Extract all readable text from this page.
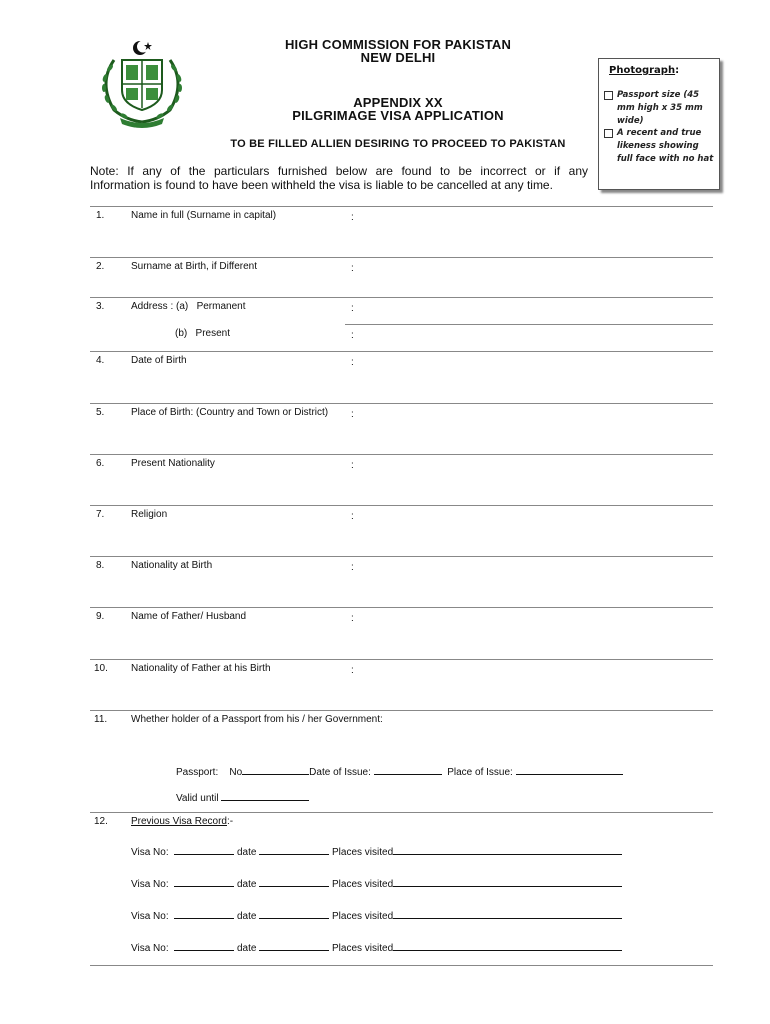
HIGH COMMISSION FOR PAKISTAN
NEW DELHI
APPENDIX XX
PILGRIMAGE VISA APPLICATION
TO BE FILLED ALLIEN DESIRING TO PROCEED TO PAKISTAN
Note: If any of the particulars furnished below are found to be incorrect or if any
Information is found to have been withheld the visa is liable to be cancelled at any time.
Photograph:
Passport size (45 mm high x 35 mm wide)
A recent and true likeness showing full face with no hat
1.	Name in full (Surname in capital)	:
2.	Surname at Birth, if Different	:
3.	Address : (a)   Permanent	:
(b)   Present	:
4.	Date of Birth	:
5.	Place of Birth: (Country and Town or District) :
6.	Present Nationality	:
7.	Religion	:
8.	Nationality at Birth	:
9.	Name of Father/ Husband	:
10. Nationality of Father at his Birth	:
11. Whether holder of a Passport from his / her Government:
Passport: No	Date of Issue:	Place of Issue:
Valid until
12. Previous Visa Record:-
Visa No:	date	Places visited
Visa No:	date	Places visited
Visa No:	date	Places visited
Visa No:	date	Places visited
